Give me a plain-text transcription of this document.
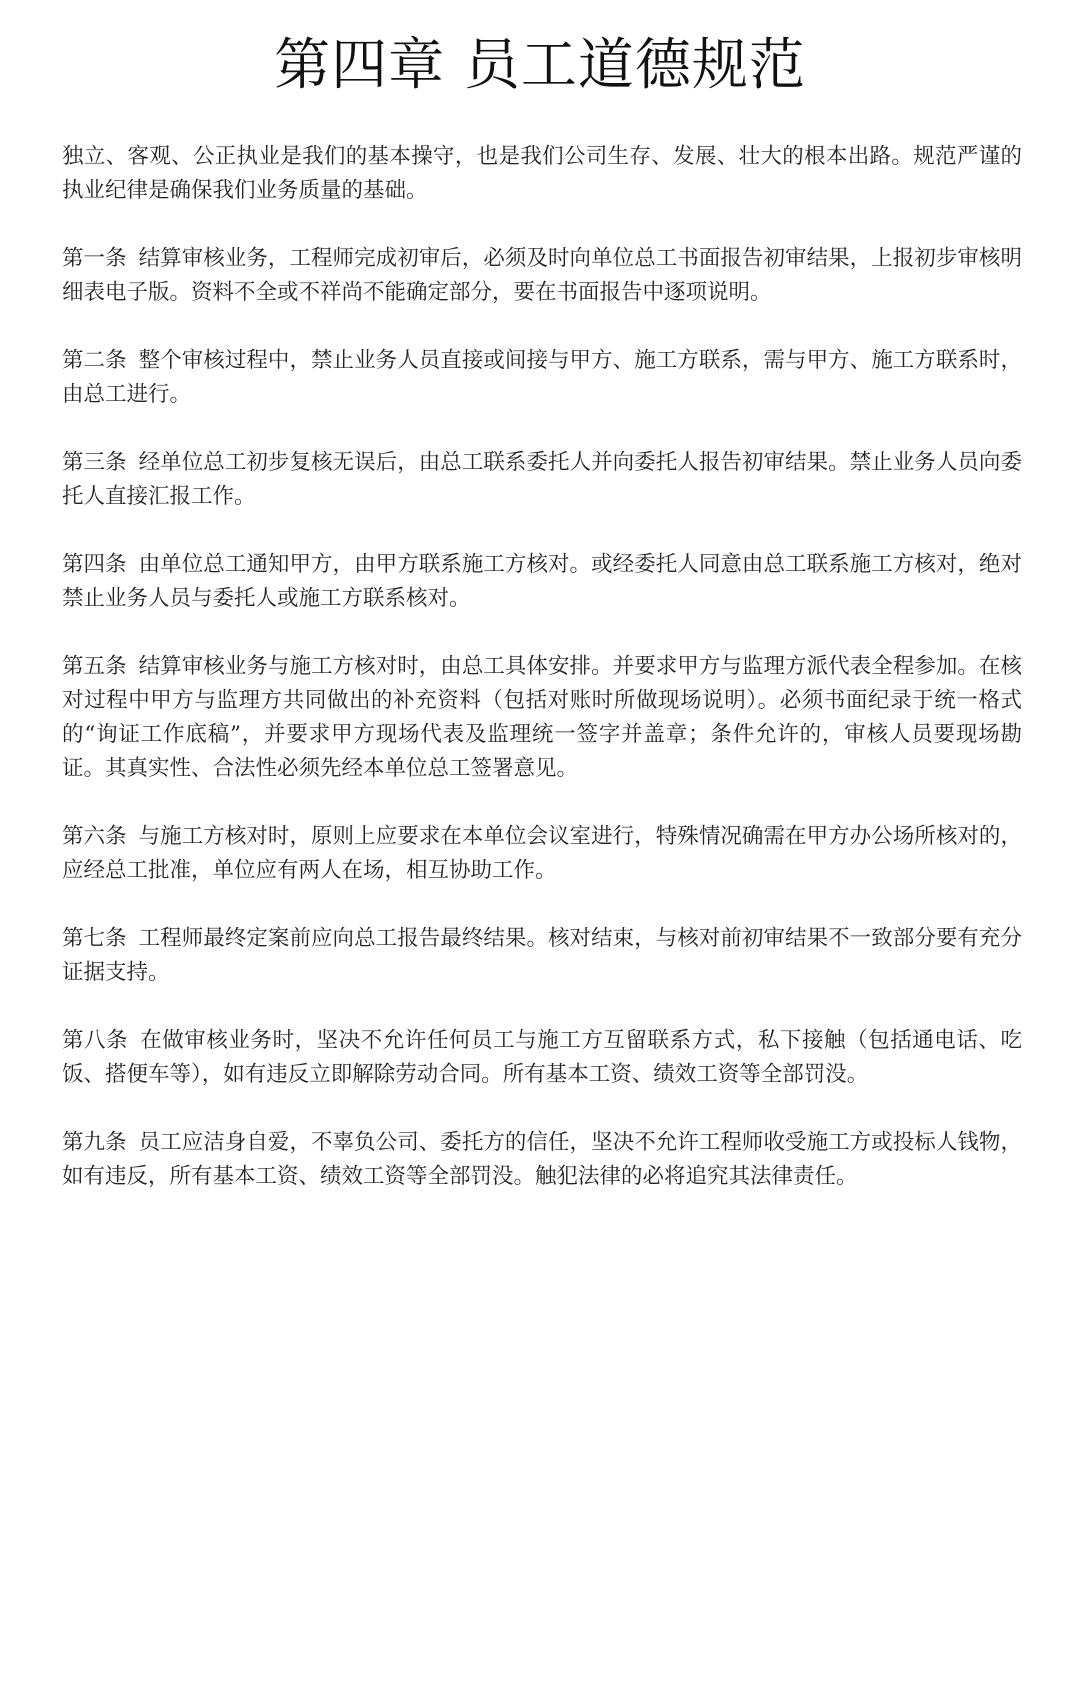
第四章 员工道德规范

独立、客观、公正执业是我们的基本操守，也是我们公司生存、发展、壮大的根本出路。规范严谨的执业纪律是确保我们业务质量的基础。

第一条 结算审核业务，工程师完成初审后，必须及时向单位总工书面报告初审结果，上报初步审核明细表电子版。资料不全或不祥尚不能确定部分，要在书面报告中逐项说明。

第二条 整个审核过程中，禁止业务人员直接或间接与甲方、施工方联系，需与甲方、施工方联系时，由总工进行。

第三条 经单位总工初步复核无误后，由总工联系委托人并向委托人报告初审结果。禁止业务人员向委托人直接汇报工作。

第四条 由单位总工通知甲方，由甲方联系施工方核对。或经委托人同意由总工联系施工方核对，绝对禁止业务人员与委托人或施工方联系核对。

第五条 结算审核业务与施工方核对时，由总工具体安排。并要求甲方与监理方派代表全程参加。在核对过程中甲方与监理方共同做出的补充资料（包括对账时所做现场说明）。必须书面纪录于统一格式的“询证工作底稿”，并要求甲方现场代表及监理统一签字并盖章；条件允许的，审核人员要现场勘证。其真实性、合法性必须先经本单位总工签署意见。

第六条 与施工方核对时，原则上应要求在本单位会议室进行，特殊情况确需在甲方办公场所核对的，应经总工批准，单位应有两人在场，相互协助工作。

第七条 工程师最终定案前应向总工报告最终结果。核对结束，与核对前初审结果不一致部分要有充分证据支持。

第八条 在做审核业务时，坚决不允许任何员工与施工方互留联系方式，私下接触（包括通电话、吃饭、搭便车等），如有违反立即解除劳动合同。所有基本工资、绩效工资等全部罚没。

第九条 员工应洁身自爱，不辜负公司、委托方的信任，坚决不允许工程师收受施工方或投标人钱物，如有违反，所有基本工资、绩效工资等全部罚没。触犯法律的必将追究其法律责任。
